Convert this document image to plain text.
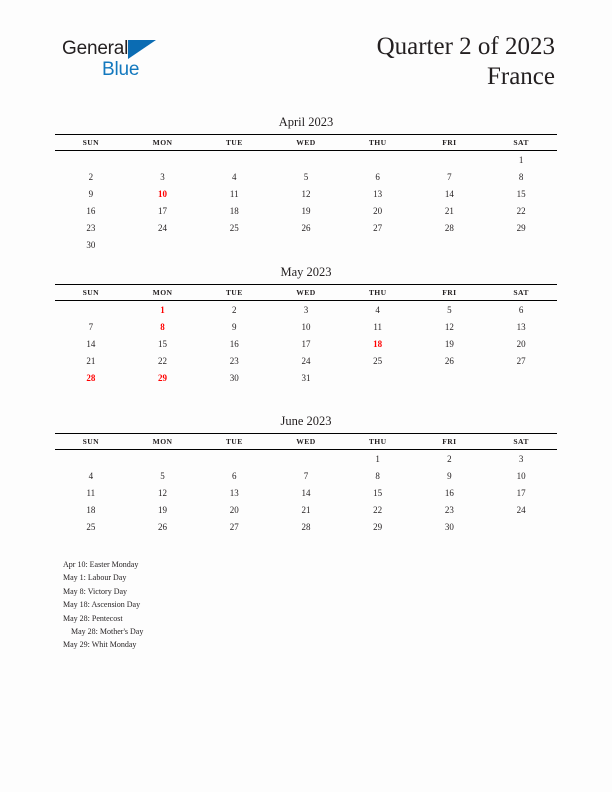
General
Blue
Quarter 2 of 2023
France
April 2023
SUN	MON	TUE	WED	THU	FRI	SAT
						1
2	3	4	5	6	7	8
9	10	11	12	13	14	15
16	17	18	19	20	21	22
23	24	25	26	27	28	29
30						
May 2023
SUN	MON	TUE	WED	THU	FRI	SAT
	1	2	3	4	5	6
7	8	9	10	11	12	13
14	15	16	17	18	19	20
21	22	23	24	25	26	27
28	29	30	31			
June 2023
SUN	MON	TUE	WED	THU	FRI	SAT
				1	2	3
4	5	6	7	8	9	10
11	12	13	14	15	16	17
18	19	20	21	22	23	24
25	26	27	28	29	30	
Apr 10: Easter Monday
May 1: Labour Day
May 8: Victory Day
May 18: Ascension Day
May 28: Pentecost
May 28: Mother's Day
May 29: Whit Monday
